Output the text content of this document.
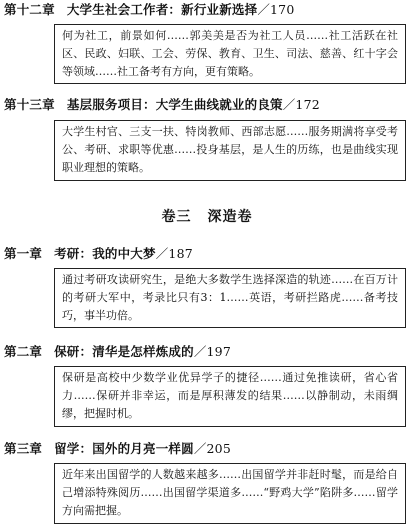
第十二章 大学生社会工作者：新行业新选择／170
何为社工，前景如何……郭美美是否为社工人员……社工活跃在社区、民政、妇联、工会、劳保、教育、卫生、司法、慈善、红十字会等领域……社工备考有方向，更有策略。
第十三章 基层服务项目：大学生曲线就业的良策／172
大学生村官、三支一扶、特岗教师、西部志愿……服务期满将享受考公、考研、求职等优惠……投身基层，是人生的历练，也是曲线实现职业理想的策略。
卷三 深造卷
第一章 考研：我的中大梦／187
通过考研攻读研究生，是绝大多数学生选择深造的轨迹……在百万计的考研大军中，考录比只有3：1……英语，考研拦路虎……备考技巧，事半功倍。
第二章 保研：清华是怎样炼成的／197
保研是高校中少数学业优异学子的捷径……通过免推读研，省心省力……保研并非幸运，而是厚积薄发的结果……以静制动，未雨绸缪，把握时机。
第三章 留学：国外的月亮一样圆／205
近年来出国留学的人数越来越多……出国留学并非赶时髦，而是给自己增添特殊阅历……出国留学渠道多……“野鸡大学”陷阱多……留学方向需把握。
